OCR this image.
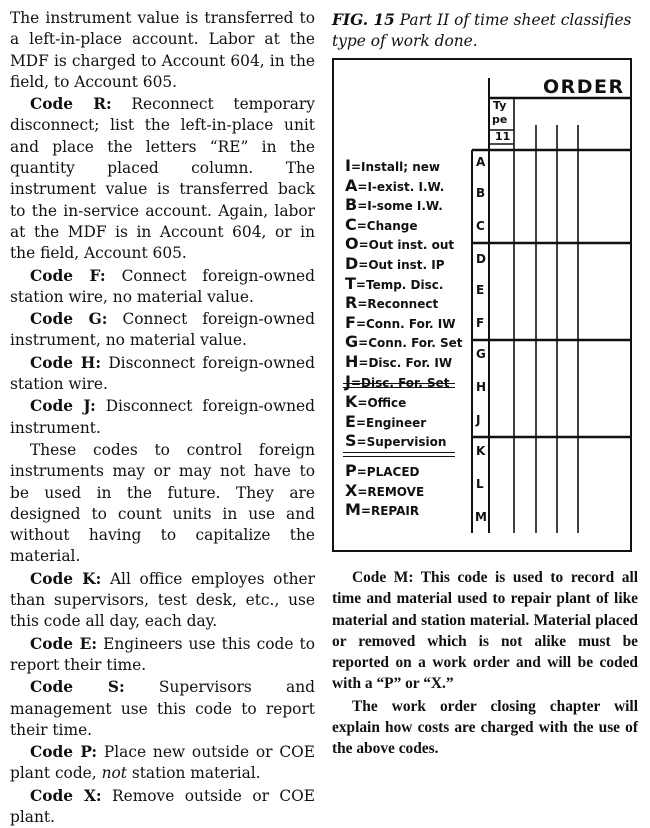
The instrument value is transferred to a left-in-place account. Labor at the MDF is charged to Account 604, in the field, to Account 605.

Code R: Reconnect temporary disconnect; list the left-in-place unit and place the letters “RE” in the quantity placed column. The instrument value is transferred back to the in-service account. Again, labor at the MDF is in Account 604, or in the field, Account 605.

Code F: Connect foreign-owned station wire, no material value.

Code G: Connect foreign-owned instrument, no material value.

Code H: Disconnect foreign-owned station wire.

Code J: Disconnect foreign-owned instrument.

These codes to control foreign instruments may or may not have to be used in the future. They are designed to count units in use and without having to capitalize the material.

Code K: All office employes other than supervisors, test desk, etc., use this code all day, each day.

Code E: Engineers use this code to report their time.

Code S: Supervisors and management use this code to report their time.

Code P: Place new outside or COE plant code, not station material.

Code X: Remove outside or COE plant.

FIG. 15 Part II of time sheet classifies type of work done.
ORDER
Ty
pe
11
A
B
C
D
E
F
G
H
J
K
L
M
I=Install; new
A=I-exist. I.W.
B=I-some I.W.
C=Change
O=Out inst. out
D=Out inst. IP
T=Temp. Disc.
R=Reconnect
F=Conn. For. IW
G=Conn. For. Set
H=Disc. For. IW
J=Disc. For. Set
K=Office
E=Engineer
S=Supervision
P=PLACED
X=REMOVE
M=REPAIR

Code M: This code is used to record all time and material used to repair plant of like material and station material. Material placed or removed which is not alike must be reported on a work order and will be coded with a “P” or “X.”

The work order closing chapter will explain how costs are charged with the use of the above codes.
